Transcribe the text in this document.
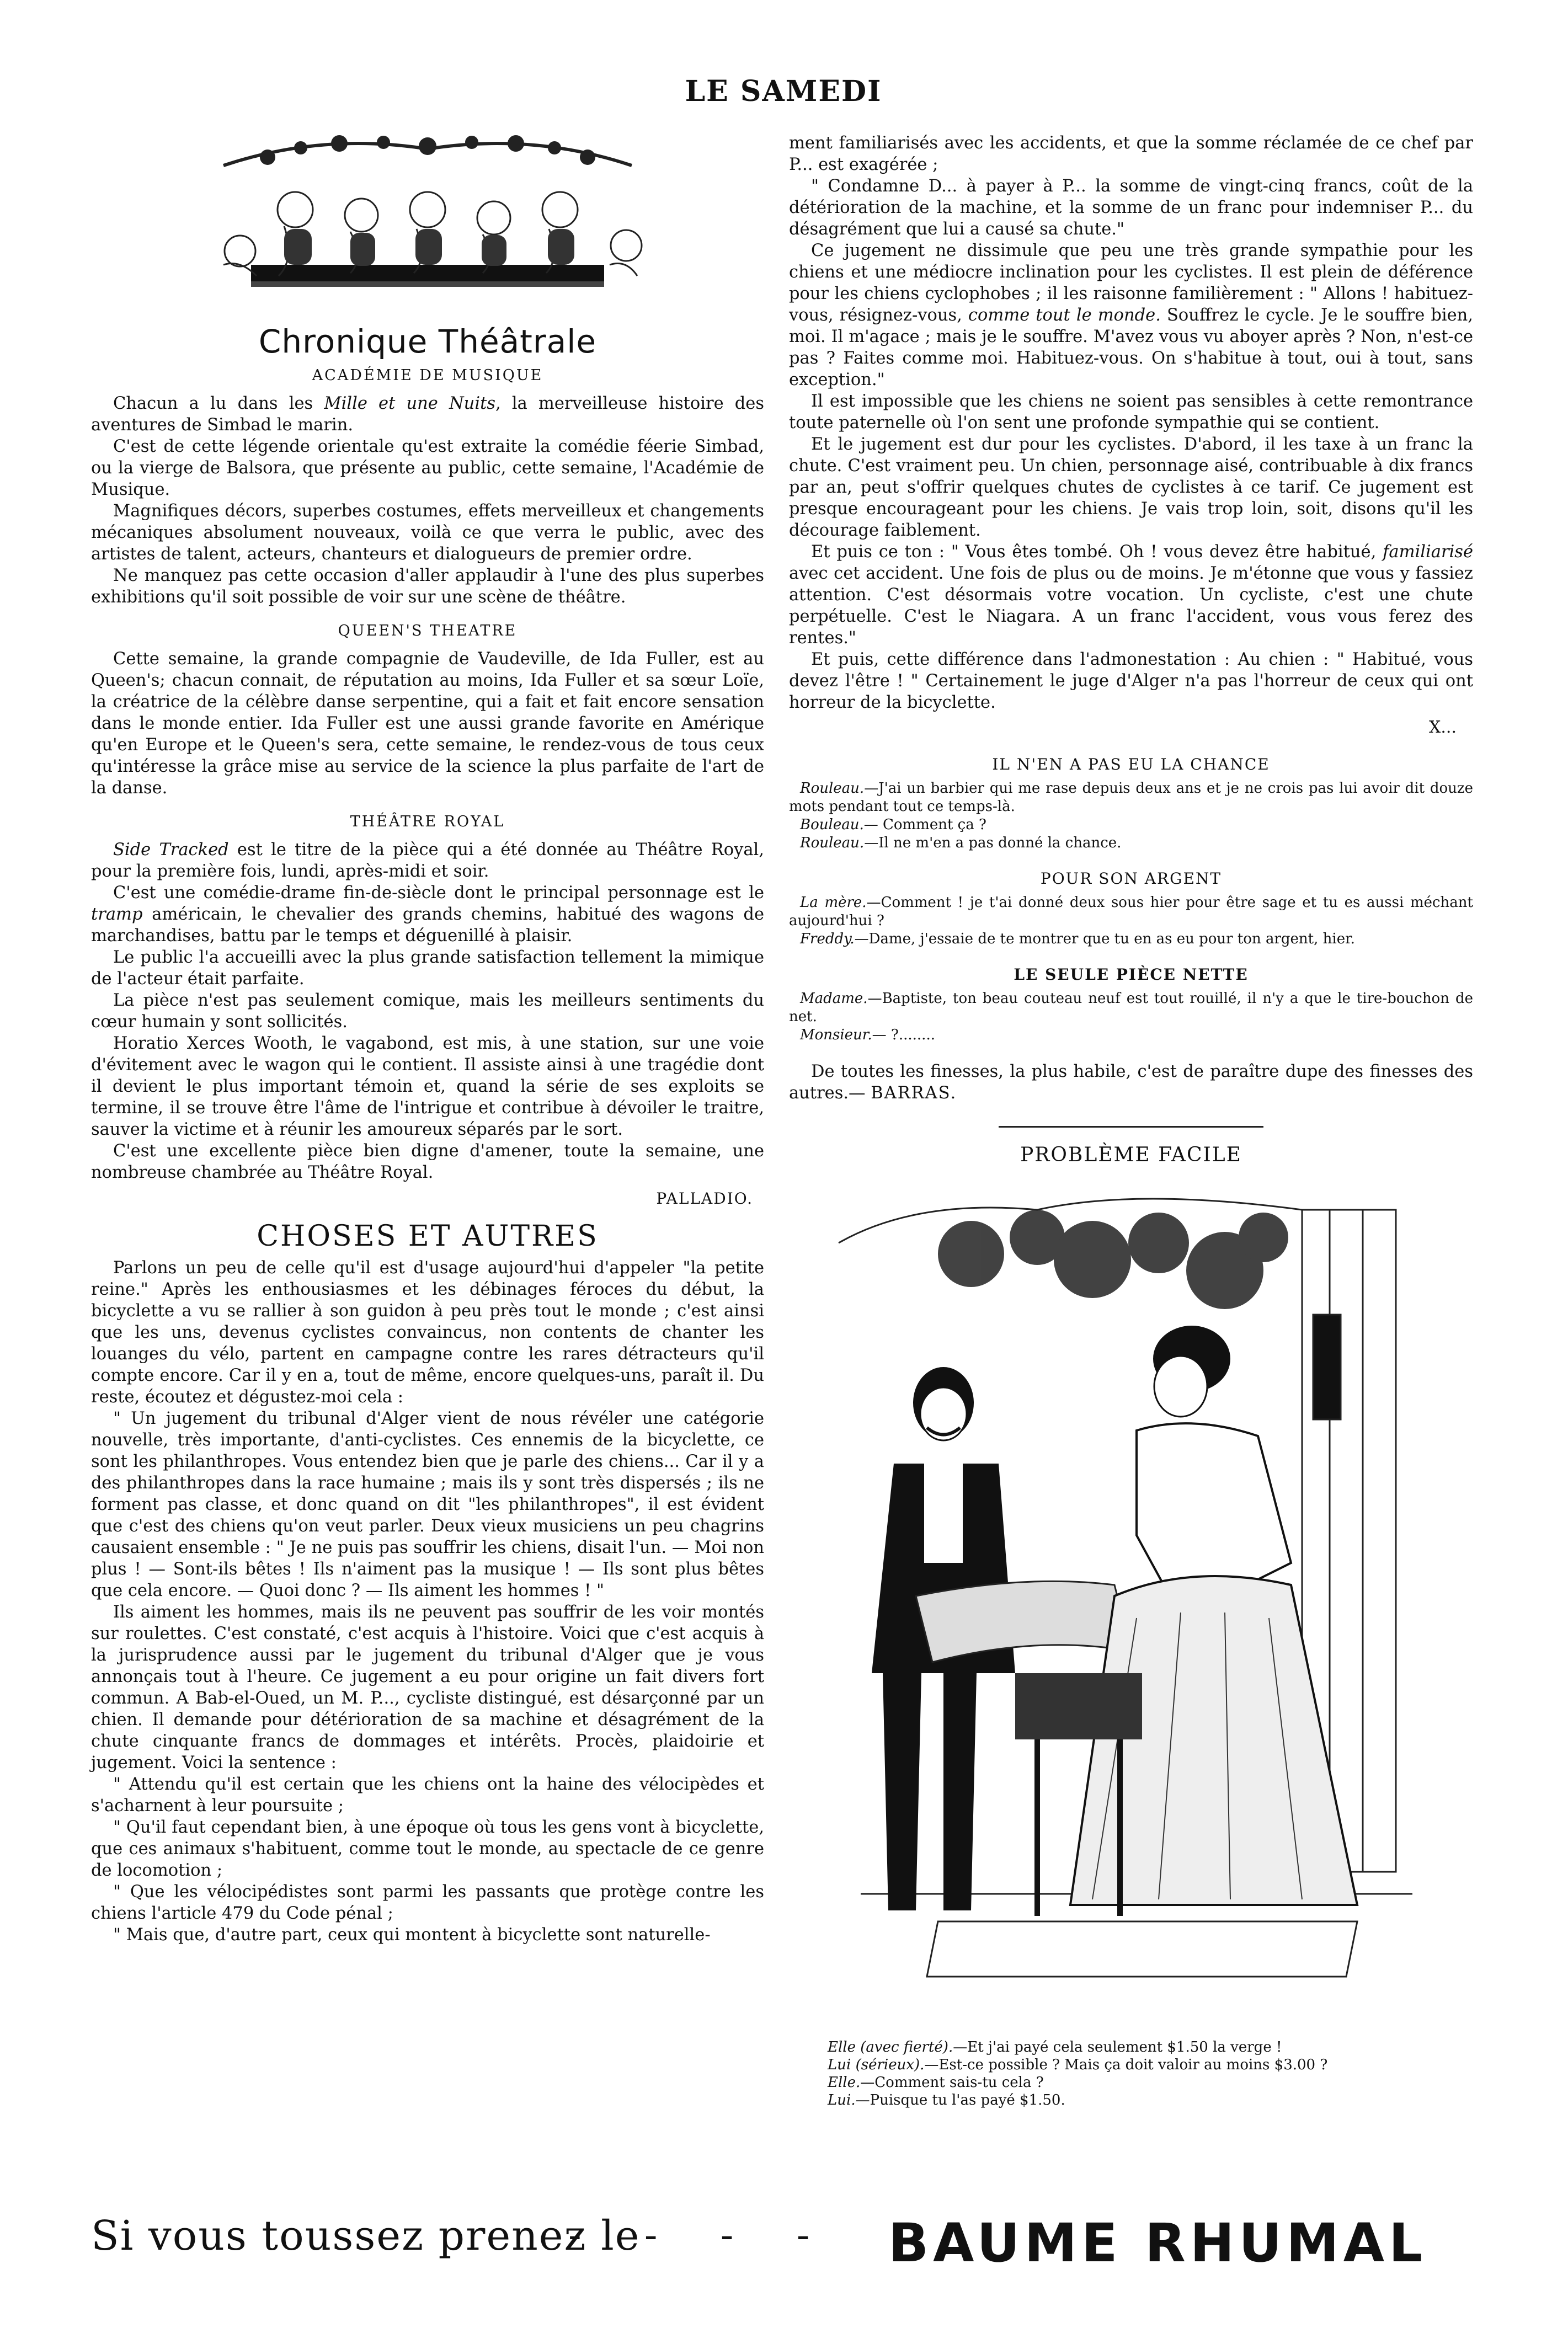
LE SAMEDI
Chronique Théâtrale
ACADÉMIE DE MUSIQUE

Chacun a lu dans les Mille et une Nuits, la merveilleuse histoire des aventures de Simbad le marin.

C'est de cette légende orientale qu'est extraite la comédie féerie Simbad, ou la vierge de Balsora, que présente au public, cette semaine, l'Académie de Musique.

Magnifiques décors, superbes costumes, effets merveilleux et changements mécaniques absolument nouveaux, voilà ce que verra le public, avec des artistes de talent, acteurs, chanteurs et dialogueurs de premier ordre.

Ne manquez pas cette occasion d'aller applaudir à l'une des plus superbes exhibitions qu'il soit possible de voir sur une scène de théâtre.

QUEEN'S THEATRE

Cette semaine, la grande compagnie de Vaudeville, de Ida Fuller, est au Queen's; chacun connait, de réputation au moins, Ida Fuller et sa sœur Loïe, la créatrice de la célèbre danse serpentine, qui a fait et fait encore sensation dans le monde entier. Ida Fuller est une aussi grande favorite en Amérique qu'en Europe et le Queen's sera, cette semaine, le rendez-vous de tous ceux qu'intéresse la grâce mise au service de la science la plus parfaite de l'art de la danse.

THÉÂTRE ROYAL

Side Tracked est le titre de la pièce qui a été donnée au Théâtre Royal, pour la première fois, lundi, après-midi et soir.

C'est une comédie-drame fin-de-siècle dont le principal personnage est le tramp américain, le chevalier des grands chemins, habitué des wagons de marchandises, battu par le temps et déguenillé à plaisir.

Le public l'a accueilli avec la plus grande satisfaction tellement la mimique de l'acteur était parfaite.

La pièce n'est pas seulement comique, mais les meilleurs sentiments du cœur humain y sont sollicités.

Horatio Xerces Wooth, le vagabond, est mis, à une station, sur une voie d'évitement avec le wagon qui le contient. Il assiste ainsi à une tragédie dont il devient le plus important témoin et, quand la série de ses exploits se termine, il se trouve être l'âme de l'intrigue et contribue à dévoiler le traitre, sauver la victime et à réunir les amoureux séparés par le sort.

C'est une excellente pièce bien digne d'amener, toute la semaine, une nombreuse chambrée au Théâtre Royal.

PALLADIO.
CHOSES ET AUTRES

Parlons un peu de celle qu'il est d'usage aujourd'hui d'appeler "la petite reine." Après les enthousiasmes et les débinages féroces du début, la bicyclette a vu se rallier à son guidon à peu près tout le monde ; c'est ainsi que les uns, devenus cyclistes convaincus, non contents de chanter les louanges du vélo, partent en campagne contre les rares détracteurs qu'il compte encore. Car il y en a, tout de même, encore quelques-uns, paraît il. Du reste, écoutez et dégustez-moi cela :

" Un jugement du tribunal d'Alger vient de nous révéler une catégorie nouvelle, très importante, d'anti-cyclistes. Ces ennemis de la bicyclette, ce sont les philanthropes. Vous entendez bien que je parle des chiens... Car il y a des philanthropes dans la race humaine ; mais ils y sont très dispersés ; ils ne forment pas classe, et donc quand on dit "les philanthropes", il est évident que c'est des chiens qu'on veut parler. Deux vieux musiciens un peu chagrins causaient ensemble : " Je ne puis pas souffrir les chiens, disait l'un. — Moi non plus ! — Sont-ils bêtes ! Ils n'aiment pas la musique ! — Ils sont plus bêtes que cela encore. — Quoi donc ? — Ils aiment les hommes ! "

Ils aiment les hommes, mais ils ne peuvent pas souffrir de les voir montés sur roulettes. C'est constaté, c'est acquis à l'histoire. Voici que c'est acquis à la jurisprudence aussi par le jugement du tribunal d'Alger que je vous annonçais tout à l'heure. Ce jugement a eu pour origine un fait divers fort commun. A Bab-el-Oued, un M. P..., cycliste distingué, est désarçonné par un chien. Il demande pour détérioration de sa machine et désagrément de la chute cinquante francs de dommages et intérêts. Procès, plaidoirie et jugement. Voici la sentence :

" Attendu qu'il est certain que les chiens ont la haine des vélocipèdes et s'acharnent à leur poursuite ;

" Qu'il faut cependant bien, à une époque où tous les gens vont à bicyclette, que ces animaux s'habituent, comme tout le monde, au spectacle de ce genre de locomotion ;

" Que les vélocipédistes sont parmi les passants que protège contre les chiens l'article 479 du Code pénal ;

" Mais que, d'autre part, ceux qui montent à bicyclette sont naturelle-

ment familiarisés avec les accidents, et que la somme réclamée de ce chef par P... est exagérée ;

" Condamne D... à payer à P... la somme de vingt-cinq francs, coût de la détérioration de la machine, et la somme de un franc pour indemniser P... du désagrément que lui a causé sa chute."

Ce jugement ne dissimule que peu une très grande sympathie pour les chiens et une médiocre inclination pour les cyclistes. Il est plein de déférence pour les chiens cyclophobes ; il les raisonne familièrement : " Allons ! habituez-vous, résignez-vous, comme tout le monde. Souffrez le cycle. Je le souffre bien, moi. Il m'agace ; mais je le souffre. M'avez vous vu aboyer après ? Non, n'est-ce pas ? Faites comme moi. Habituez-vous. On s'habitue à tout, oui à tout, sans exception."

Il est impossible que les chiens ne soient pas sensibles à cette remontrance toute paternelle où l'on sent une profonde sympathie qui se contient.

Et le jugement est dur pour les cyclistes. D'abord, il les taxe à un franc la chute. C'est vraiment peu. Un chien, personnage aisé, contribuable à dix francs par an, peut s'offrir quelques chutes de cyclistes à ce tarif. Ce jugement est presque encourageant pour les chiens. Je vais trop loin, soit, disons qu'il les décourage faiblement.

Et puis ce ton : " Vous êtes tombé. Oh ! vous devez être habitué, familiarisé avec cet accident. Une fois de plus ou de moins. Je m'étonne que vous y fassiez attention. C'est désormais votre vocation. Un cycliste, c'est une chute perpétuelle. C'est le Niagara. A un franc l'accident, vous vous ferez des rentes."

Et puis, cette différence dans l'admonestation : Au chien : " Habitué, vous devez l'être ! " Certainement le juge d'Alger n'a pas l'horreur de ceux qui ont horreur de la bicyclette.

X...
IL N'EN A PAS EU LA CHANCE

Rouleau.—J'ai un barbier qui me rase depuis deux ans et je ne crois pas lui avoir dit douze mots pendant tout ce temps-là.

Bouleau.— Comment ça ?

Rouleau.—Il ne m'en a pas donné la chance.

POUR SON ARGENT

La mère.—Comment ! je t'ai donné deux sous hier pour être sage et tu es aussi méchant aujourd'hui ?

Freddy.—Dame, j'essaie de te montrer que tu en as eu pour ton argent, hier.

LE SEULE PIÈCE NETTE

Madame.—Baptiste, ton beau couteau neuf est tout rouillé, il n'y a que le tire-bouchon de net.

Monsieur.— ?........

De toutes les finesses, la plus habile, c'est de paraître dupe des finesses des autres.— BARRAS.

PROBLÈME FACILE

Elle (avec fierté).—Et j'ai payé cela seulement $1.50 la verge !

Lui (sérieux).—Est-ce possible ? Mais ça doit valoir au moins $3.00 ?

Elle.—Comment sais-tu cela ?

Lui.—Puisque tu l'as payé $1.50.

Si vous toussez prenez le
- - - - BAUME RHUMAL
